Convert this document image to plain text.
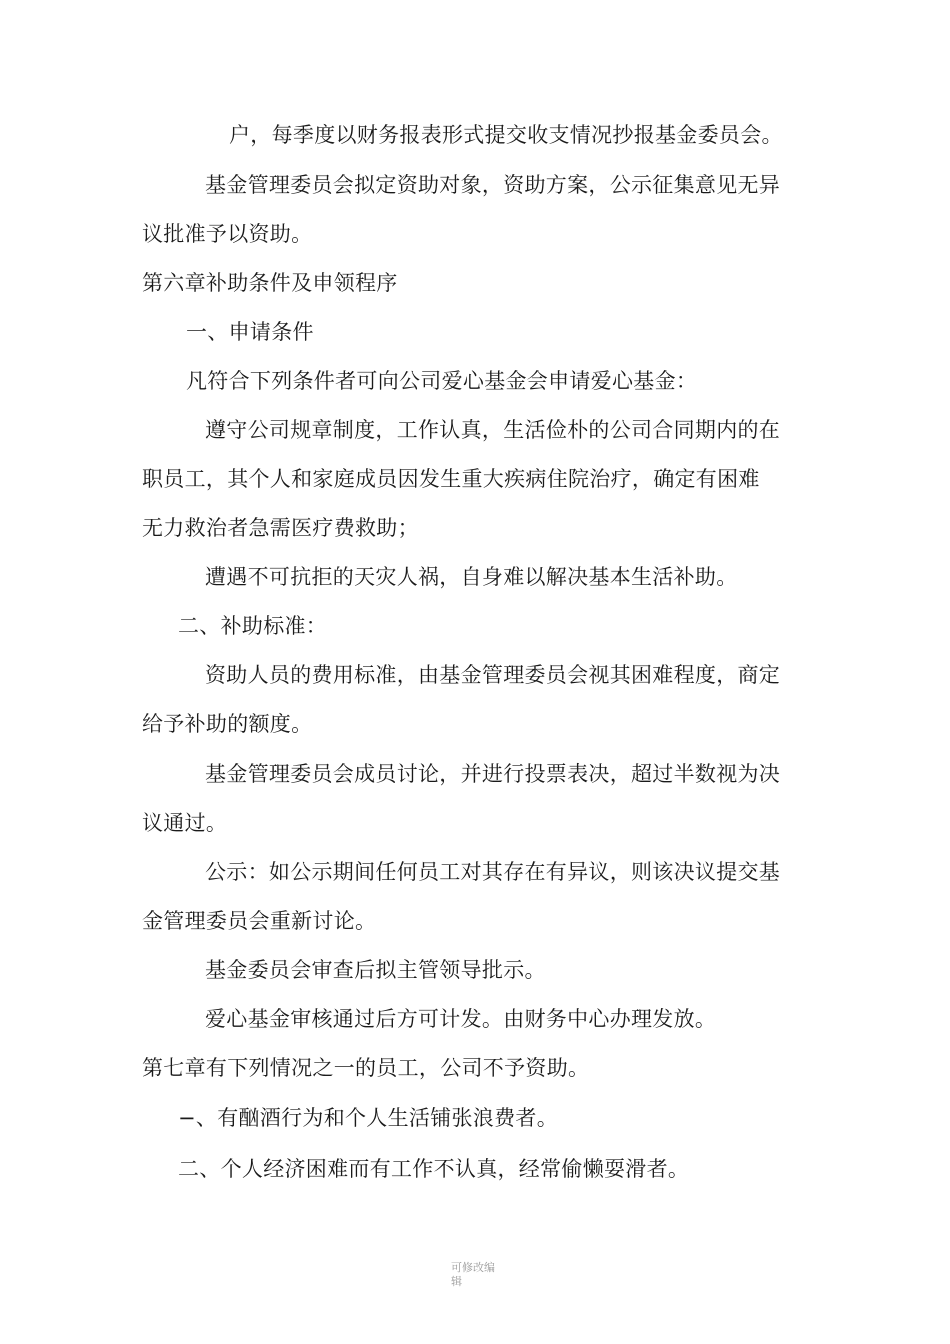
户，每季度以财务报表形式提交收支情况抄报基金委员会。
基金管理委员会拟定资助对象，资助方案，公示征集意见无异
议批准予以资助。
第六章补助条件及申领程序
一、申请条件
凡符合下列条件者可向公司爱心基金会申请爱心基金：
遵守公司规章制度，工作认真，生活俭朴的公司合同期内的在
职员工，其个人和家庭成员因发生重大疾病住院治疗，确定有困难
无力救治者急需医疗费救助；
遭遇不可抗拒的天灾人祸，自身难以解决基本生活补助。
二、补助标准：
资助人员的费用标准，由基金管理委员会视其困难程度，商定
给予补助的额度。
基金管理委员会成员讨论，并进行投票表决，超过半数视为决
议通过。
公示：如公示期间任何员工对其存在有异议，则该决议提交基
金管理委员会重新讨论。
基金委员会审查后拟主管领导批示。
爱心基金审核通过后方可计发。由财务中心办理发放。
第七章有下列情况之一的员工，公司不予资助。
−、有酗酒行为和个人生活铺张浪费者。
二、个人经济困难而有工作不认真，经常偷懒耍滑者。
可修改编
辑
